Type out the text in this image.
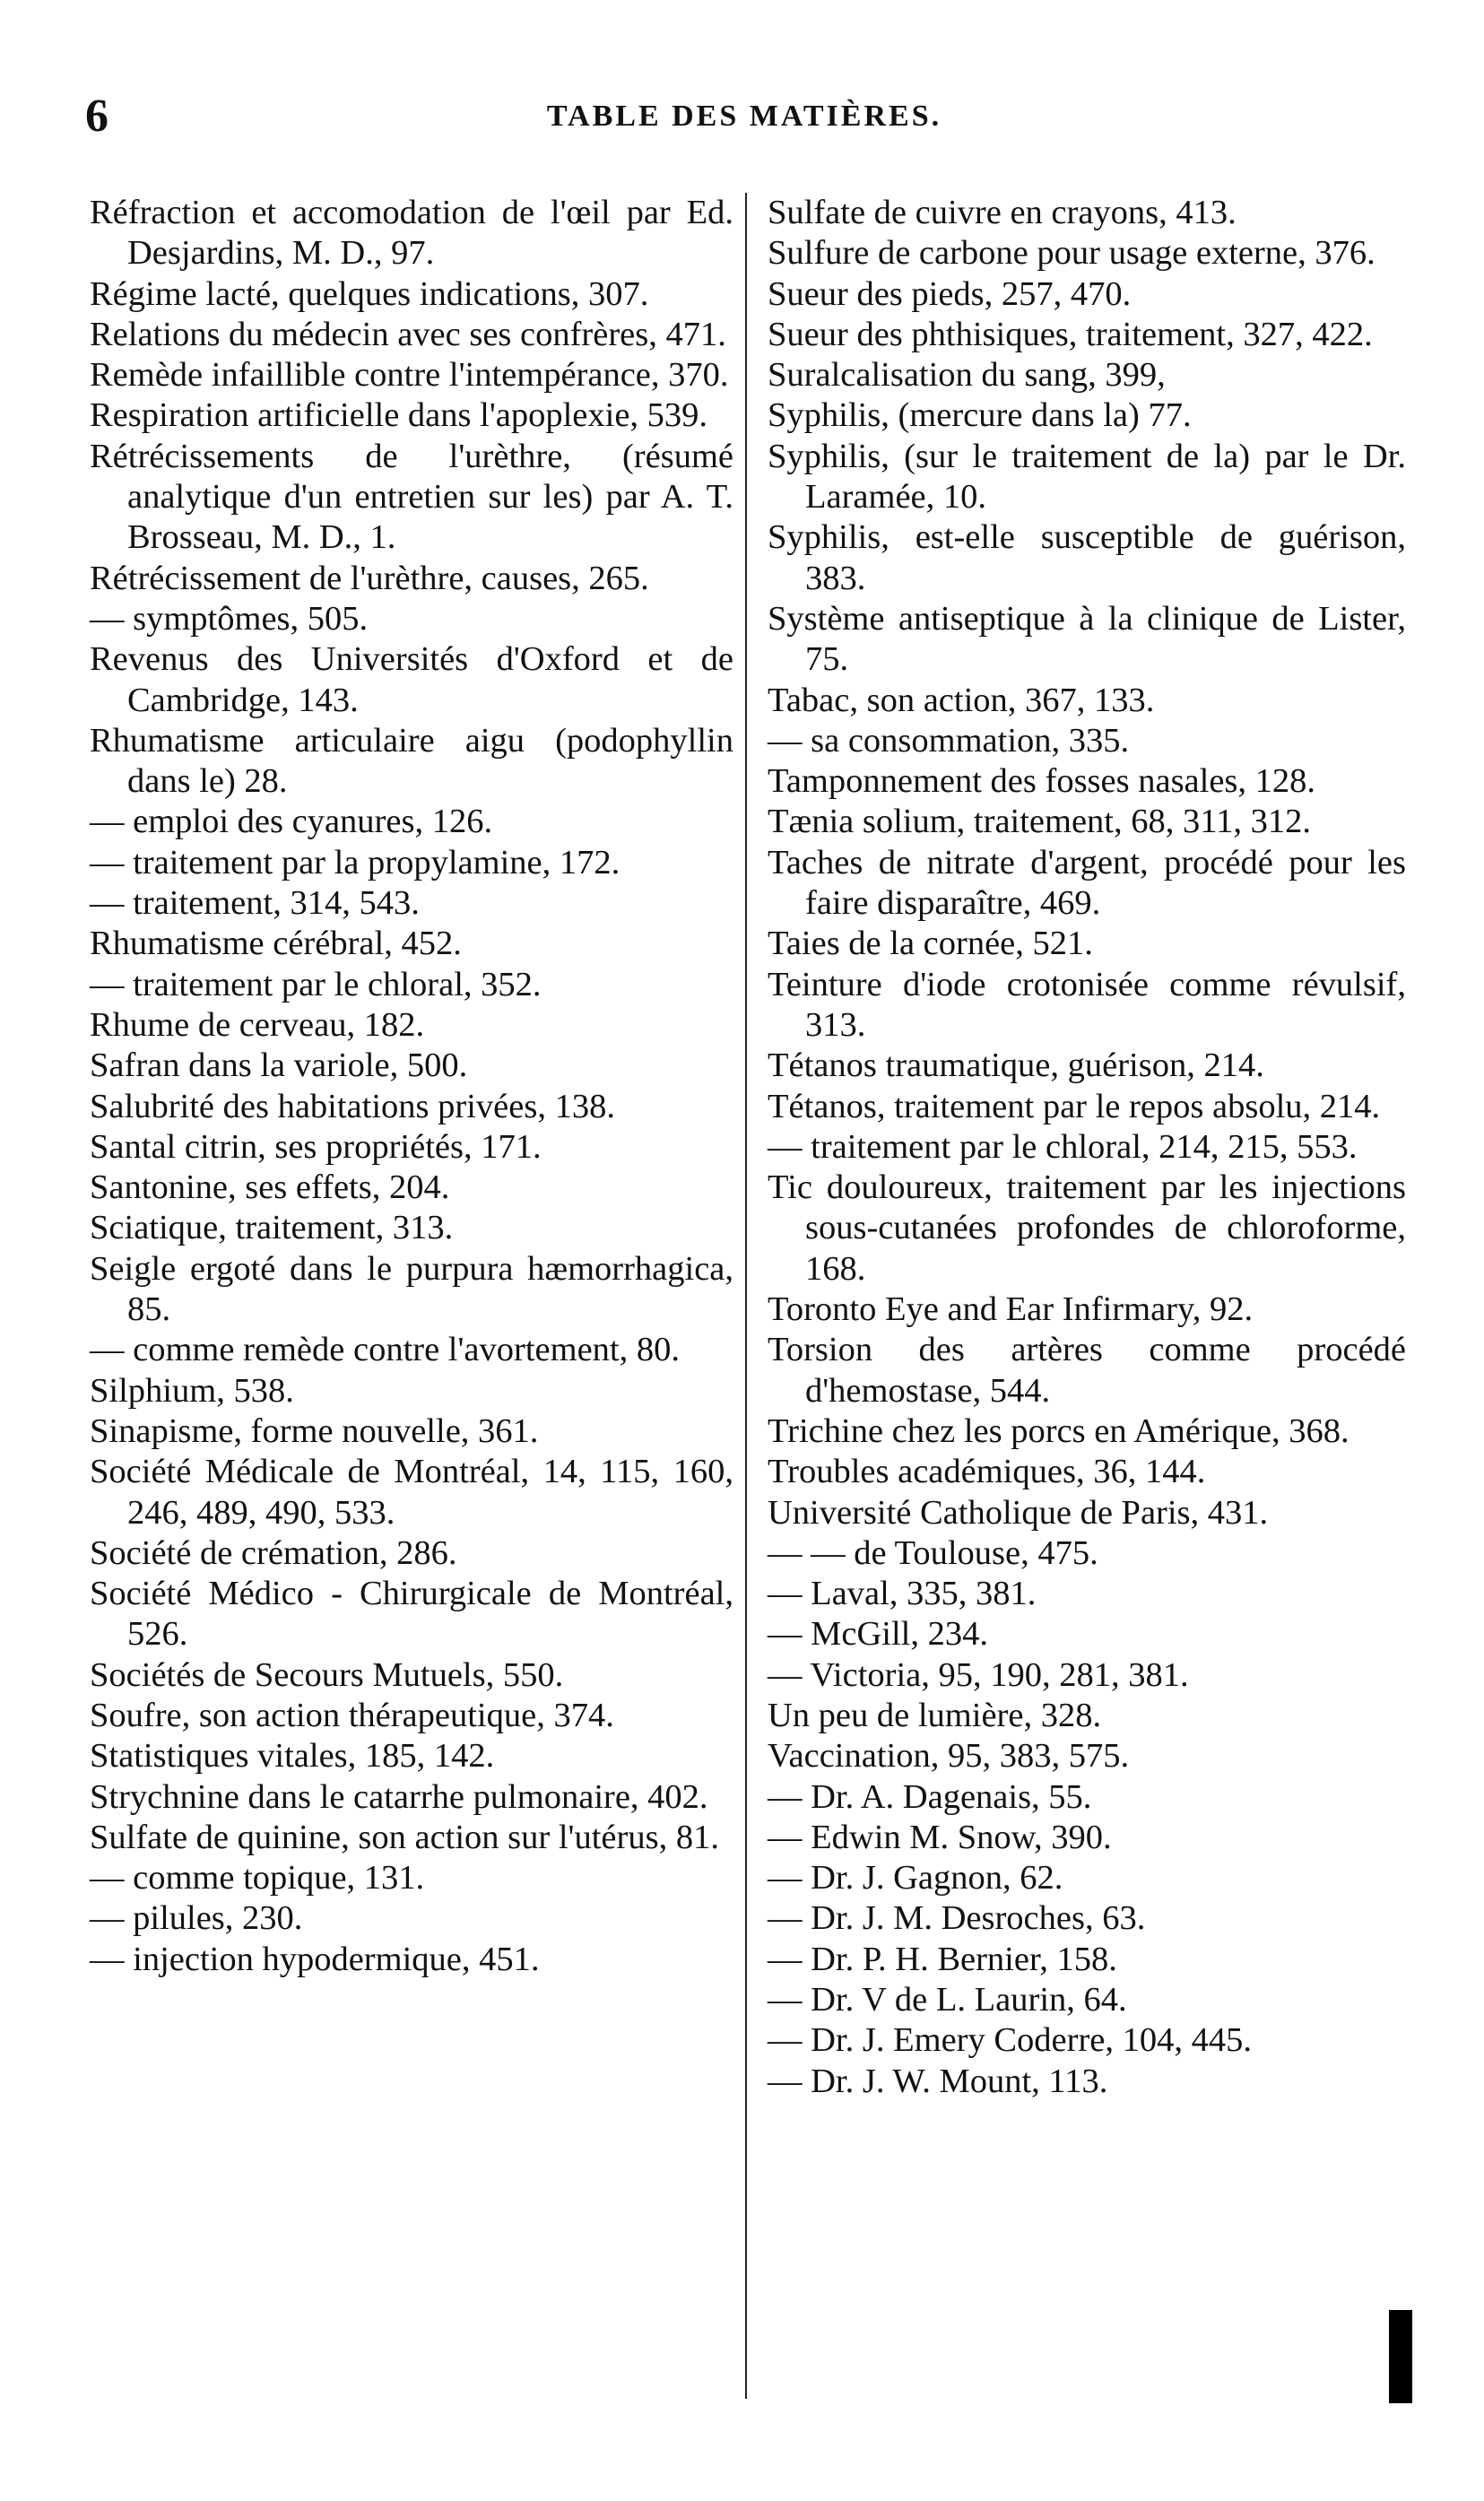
6	TABLE DES MATIÈRES.

Réfraction et accomodation de l'œil par Ed. Desjardins, M. D., 97.

Régime lacté, quelques indications, 307.

Relations du médecin avec ses confrères, 471.

Remède infaillible contre l'intempérance, 370.

Respiration artificielle dans l'apoplexie, 539.

Rétrécissements de l'urèthre, (résumé analytique d'un entretien sur les) par A. T. Brosseau, M. D., 1.

Rétrécissement de l'urèthre, causes, 265.

— symptômes, 505.

Revenus des Universités d'Oxford et de Cambridge, 143.

Rhumatisme articulaire aigu (podophyllin dans le) 28.

— emploi des cyanures, 126.

— traitement par la propylamine, 172.

— traitement, 314, 543.

Rhumatisme cérébral, 452.

— traitement par le chloral, 352.

Rhume de cerveau, 182.

Safran dans la variole, 500.

Salubrité des habitations privées, 138.

Santal citrin, ses propriétés, 171.

Santonine, ses effets, 204.

Sciatique, traitement, 313.

Seigle ergoté dans le purpura hæmorrhagica, 85.

— comme remède contre l'avortement, 80.

Silphium, 538.

Sinapisme, forme nouvelle, 361.

Société Médicale de Montréal, 14, 115, 160, 246, 489, 490, 533.

Société de crémation, 286.

Société Médico - Chirurgicale de Montréal, 526.

Sociétés de Secours Mutuels, 550.

Soufre, son action thérapeutique, 374.

Statistiques vitales, 185, 142.

Strychnine dans le catarrhe pulmonaire, 402.

Sulfate de quinine, son action sur l'utérus, 81.

— comme topique, 131.

— pilules, 230.

— injection hypodermique, 451.

Sulfate de cuivre en crayons, 413.

Sulfure de carbone pour usage externe, 376.

Sueur des pieds, 257, 470.

Sueur des phthisiques, traitement, 327, 422.

Suralcalisation du sang, 399,

Syphilis, (mercure dans la) 77.

Syphilis, (sur le traitement de la) par le Dr. Laramée, 10.

Syphilis, est-elle susceptible de guérison, 383.

Système antiseptique à la clinique de Lister, 75.

Tabac, son action, 367, 133.

— sa consommation, 335.

Tamponnement des fosses nasales, 128.

Tænia solium, traitement, 68, 311, 312.

Taches de nitrate d'argent, procédé pour les faire disparaître, 469.

Taies de la cornée, 521.

Teinture d'iode crotonisée comme révulsif, 313.

Tétanos traumatique, guérison, 214.

Tétanos, traitement par le repos absolu, 214.

— traitement par le chloral, 214, 215, 553.

Tic douloureux, traitement par les injections sous-cutanées profondes de chloroforme, 168.

Toronto Eye and Ear Infirmary, 92.

Torsion des artères comme procédé d'hemostase, 544.

Trichine chez les porcs en Amérique, 368.

Troubles académiques, 36, 144.

Université Catholique de Paris, 431.

— — de Toulouse, 475.

— Laval, 335, 381.

— McGill, 234.

— Victoria, 95, 190, 281, 381.

Un peu de lumière, 328.

Vaccination, 95, 383, 575.

— Dr. A. Dagenais, 55.

— Edwin M. Snow, 390.

— Dr. J. Gagnon, 62.

— Dr. J. M. Desroches, 63.

— Dr. P. H. Bernier, 158.

— Dr. V de L. Laurin, 64.

— Dr. J. Emery Coderre, 104, 445.

— Dr. J. W. Mount, 113.
